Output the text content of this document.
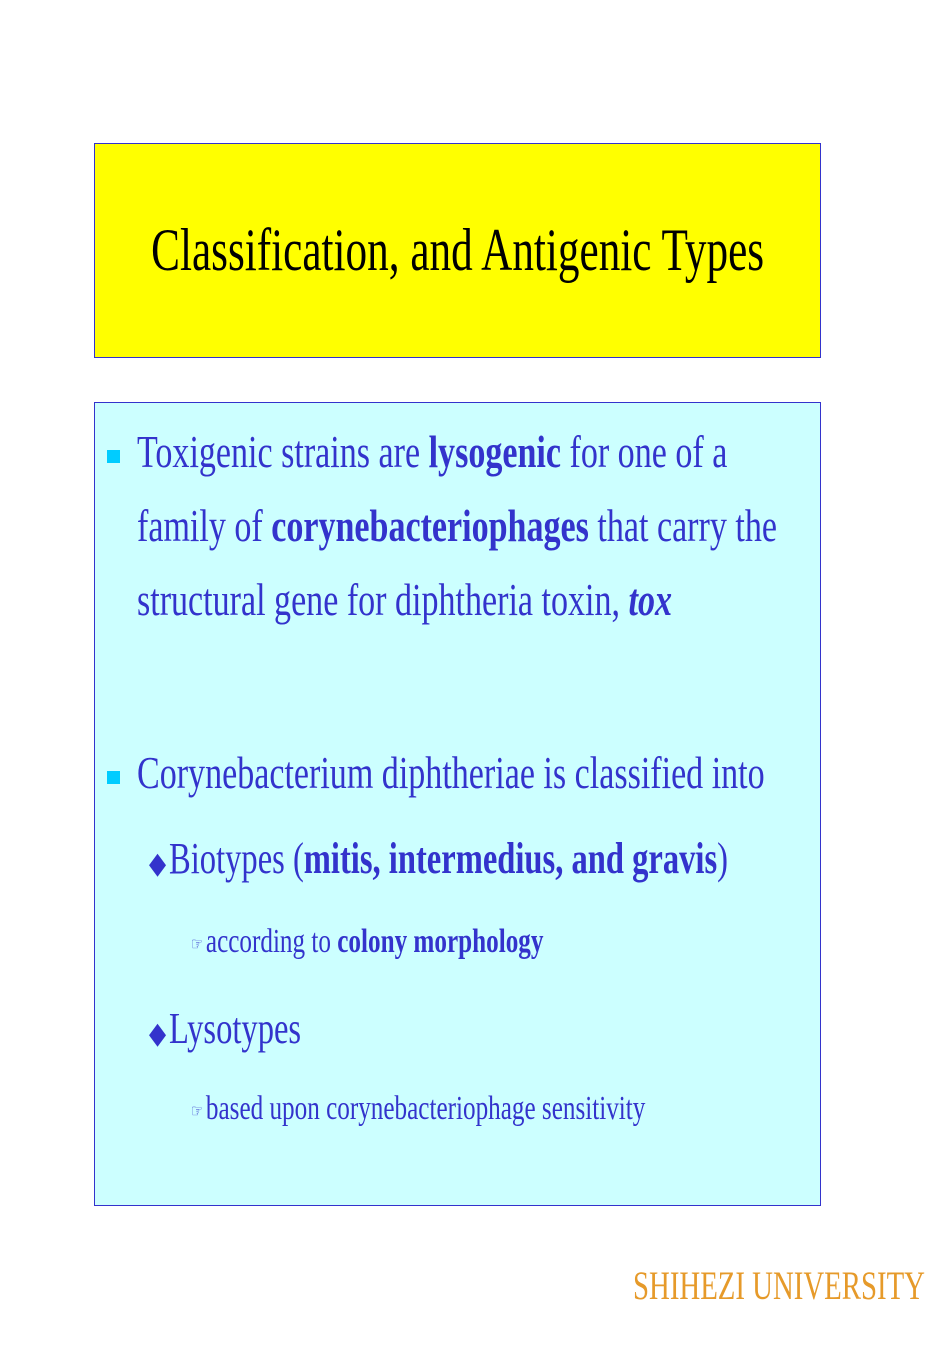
Classification, and Antigenic Types
Toxigenic strains are lysogenic for one of a
family of corynebacteriophages that carry the
structural gene for diphtheria toxin, tox
Corynebacterium diphtheriae is classified into
◆Biotypes (mitis, intermedius, and gravis)
☞according to colony morphology
◆Lysotypes
☞based upon corynebacteriophage sensitivity
SHIHEZI UNIVERSITY
